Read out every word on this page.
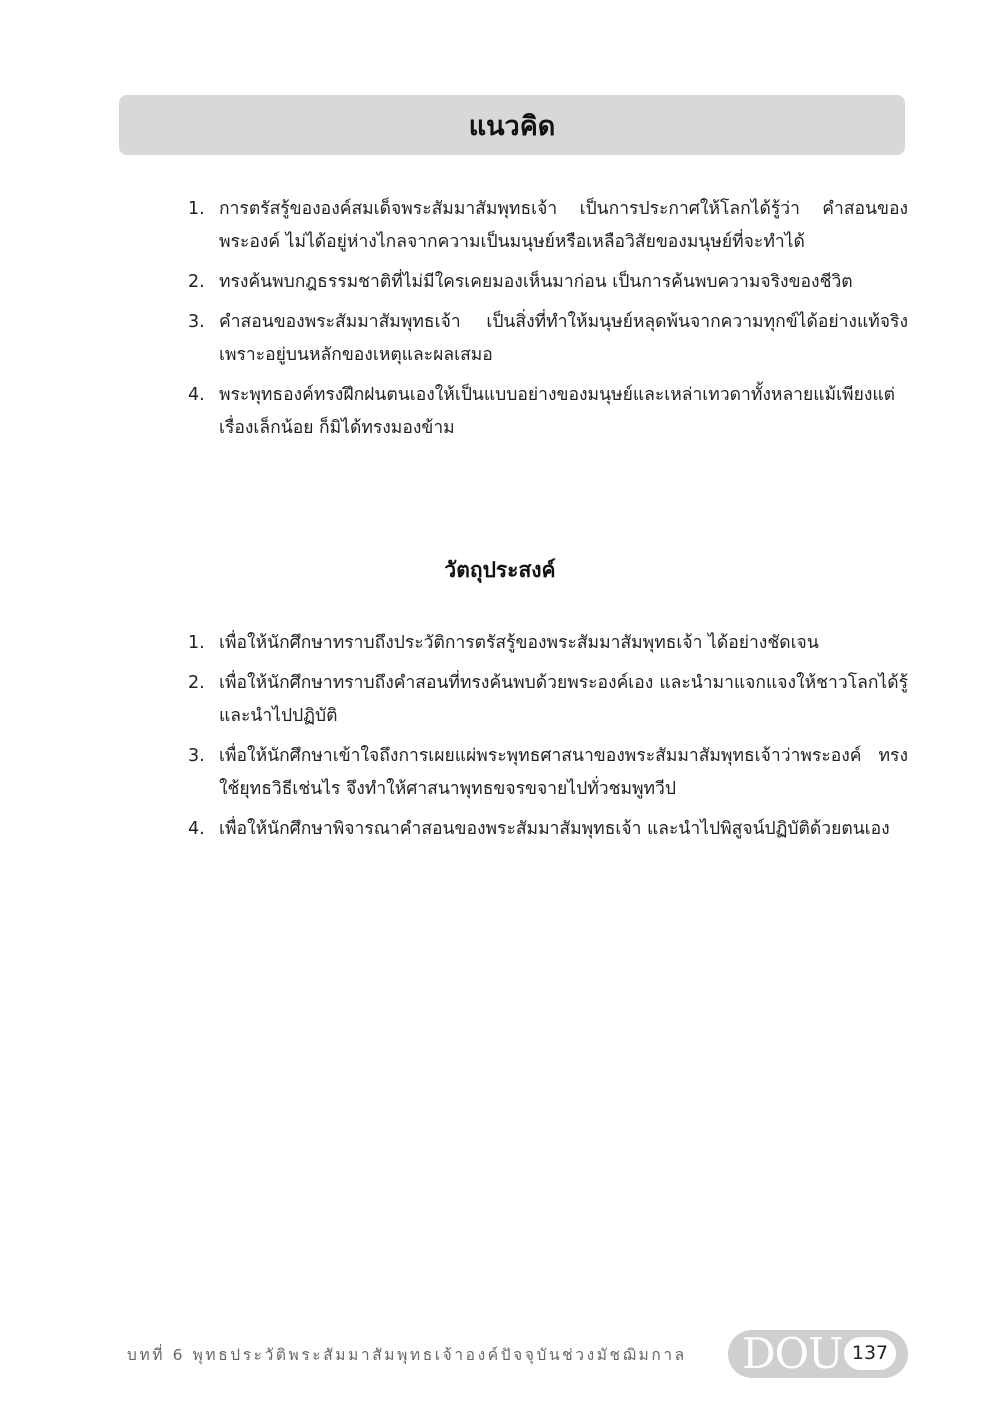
แนวคิด
1. การตรัสรู้ขององค์สมเด็จพระสัมมาสัมพุทธเจ้า เป็นการประกาศให้โลกได้รู้ว่า คำสอนของพระองค์ ไม่ได้อยู่ห่างไกลจากความเป็นมนุษย์หรือเหลือวิสัยของมนุษย์ที่จะทำได้
2. ทรงค้นพบกฎธรรมชาติที่ไม่มีใครเคยมองเห็นมาก่อน เป็นการค้นพบความจริงของชีวิต
3. คำสอนของพระสัมมาสัมพุทธเจ้า เป็นสิ่งที่ทำให้มนุษย์หลุดพ้นจากความทุกข์ได้อย่างแท้จริงเพราะอยู่บนหลักของเหตุและผลเสมอ
4. พระพุทธองค์ทรงฝึกฝนตนเองให้เป็นแบบอย่างของมนุษย์และเหล่าเทวดาทั้งหลายแม้เพียงแต่เรื่องเล็กน้อย ก็มิได้ทรงมองข้าม
วัตถุประสงค์
1. เพื่อให้นักศึกษาทราบถึงประวัติการตรัสรู้ของพระสัมมาสัมพุทธเจ้า ได้อย่างชัดเจน
2. เพื่อให้นักศึกษาทราบถึงคำสอนที่ทรงค้นพบด้วยพระองค์เอง และนำมาแจกแจงให้ชาวโลกได้รู้และนำไปปฏิบัติ
3. เพื่อให้นักศึกษาเข้าใจถึงการเผยแผ่พระพุทธศาสนาของพระสัมมาสัมพุทธเจ้าว่าพระองค์ ทรงใช้ยุทธวิธีเช่นไร จึงทำให้ศาสนาพุทธขจรขจายไปทั่วชมพูทวีป
4. เพื่อให้นักศึกษาพิจารณาคำสอนของพระสัมมาสัมพุทธเจ้า และนำไปพิสูจน์ปฏิบัติด้วยตนเอง
บทที่ 6 พุทธประวัติพระสัมมาสัมพุทธเจ้าองค์ปัจจุบันช่วงมัชฌิมกาล DOU 137
